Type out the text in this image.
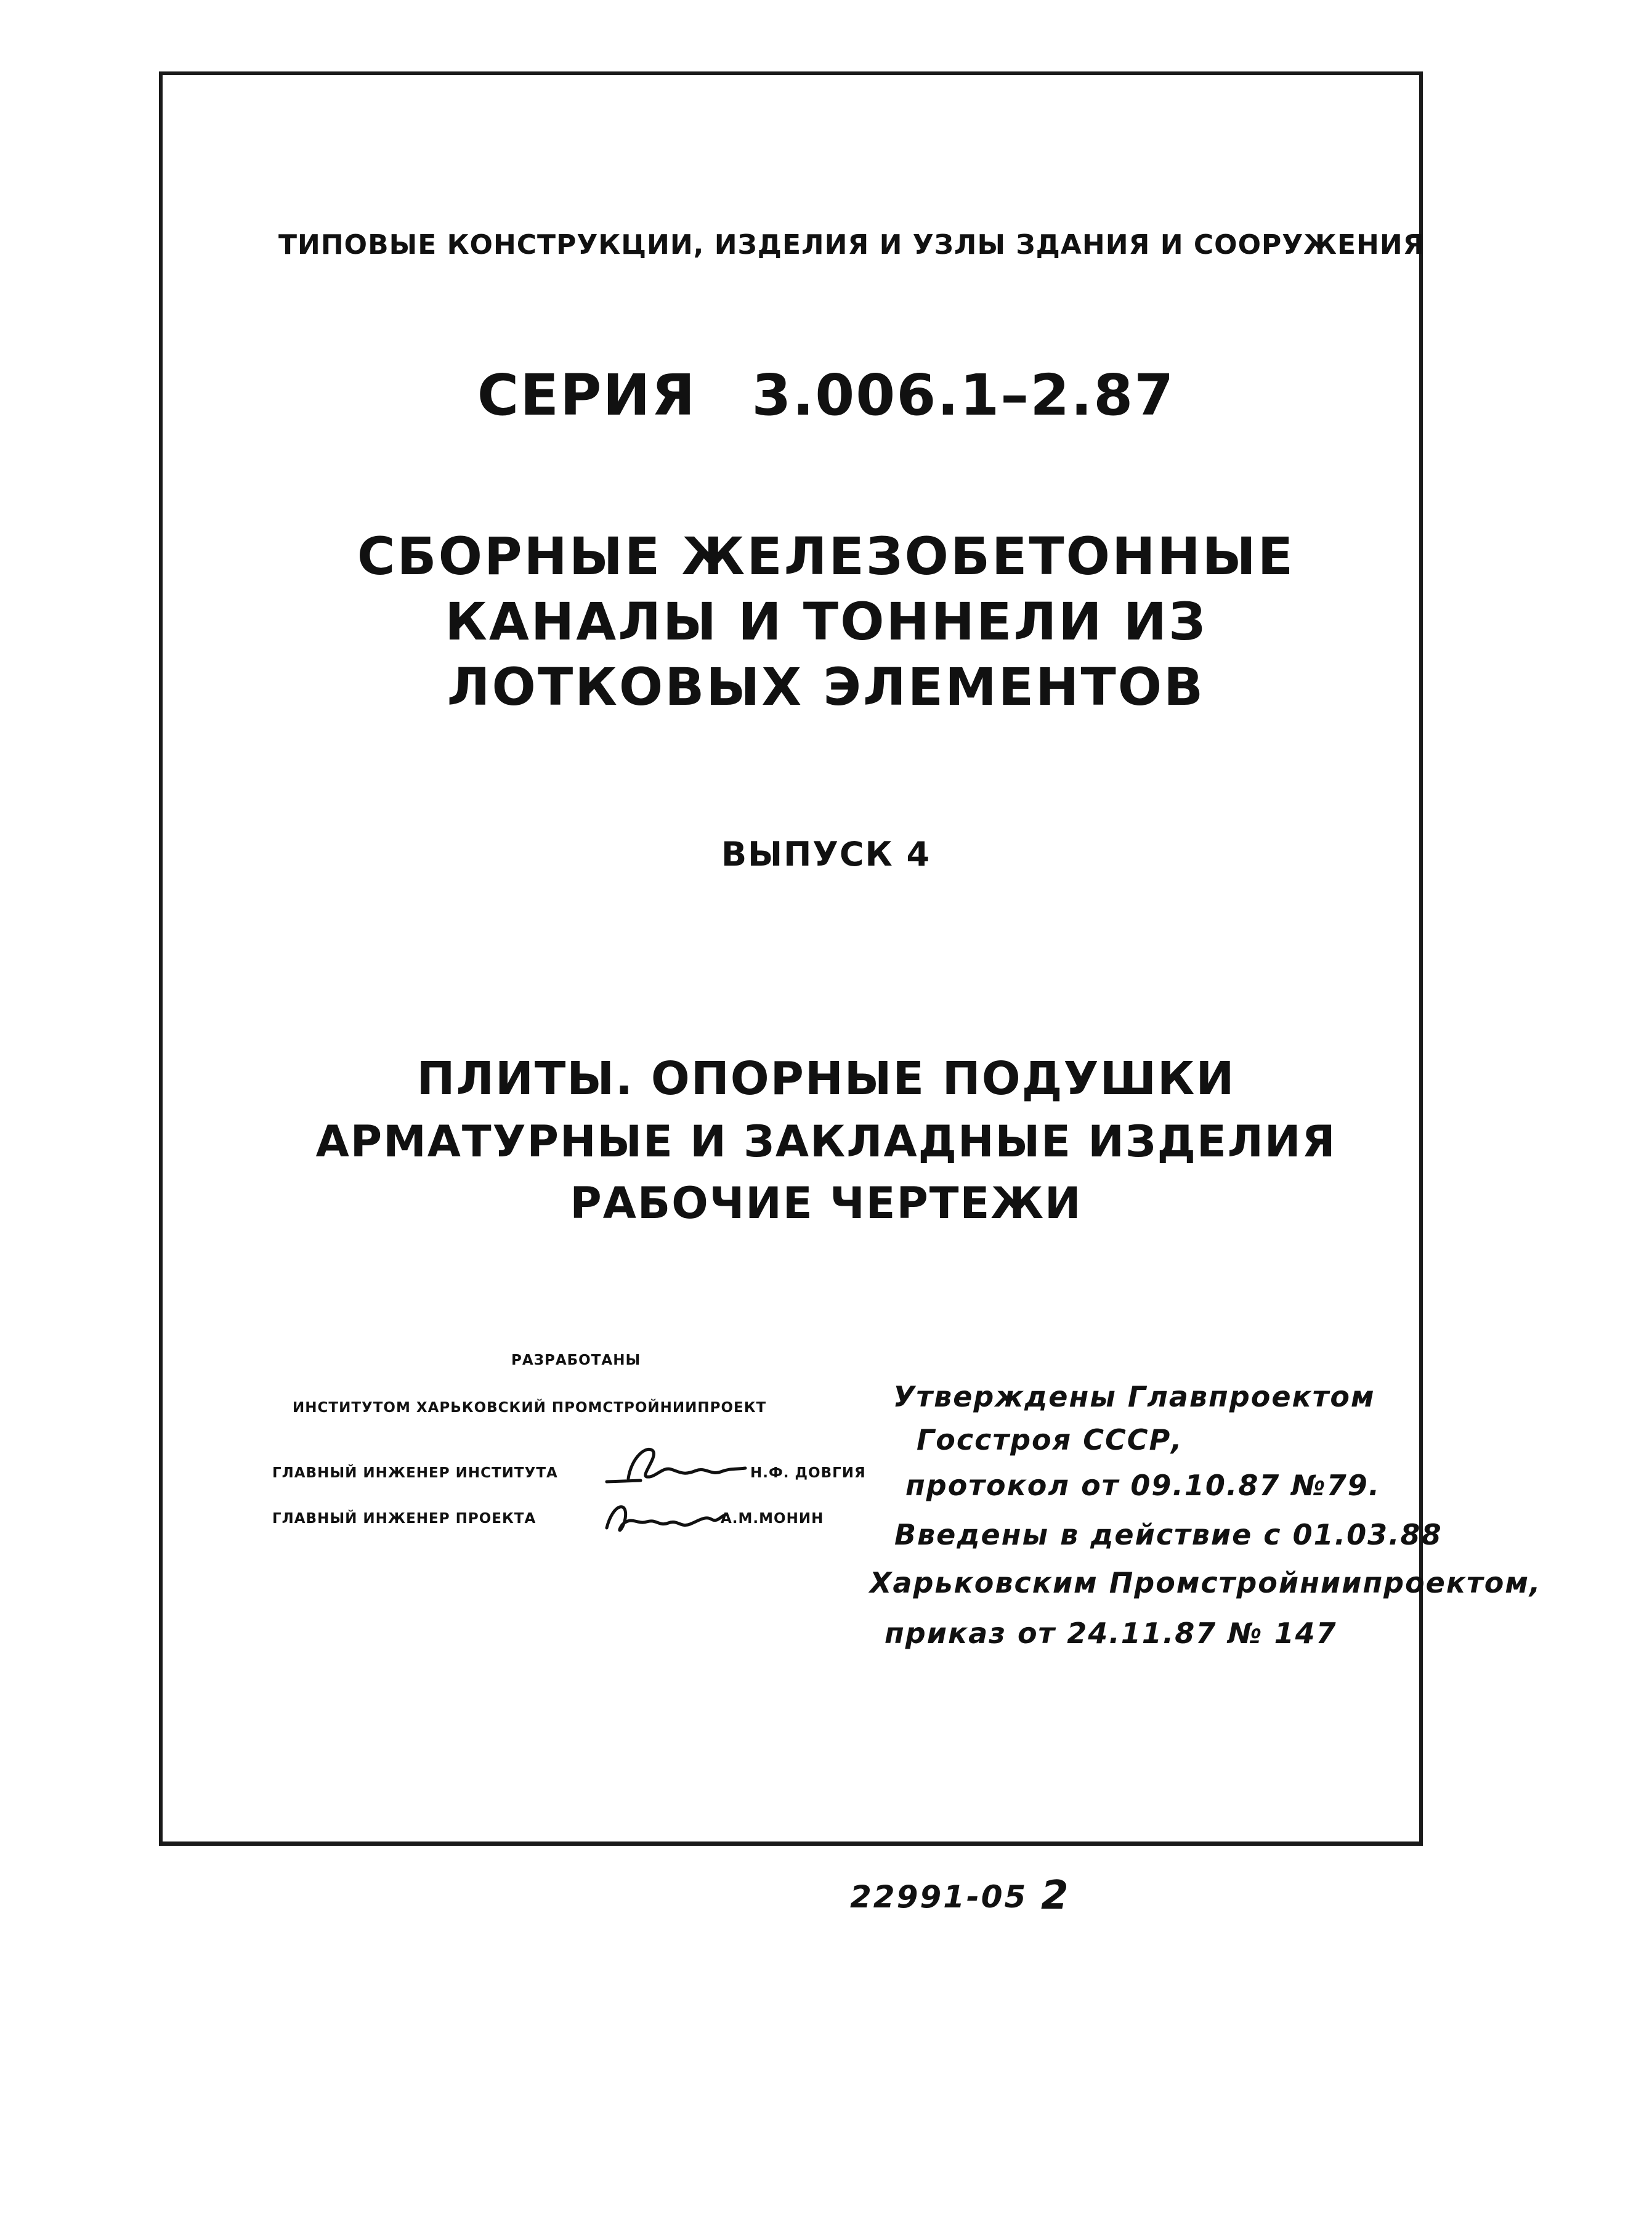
ТИПОВЫЕ КОНСТРУКЦИИ, ИЗДЕЛИЯ И УЗЛЫ ЗДАНИЯ И СООРУЖЕНИЯ
СЕРИЯ 3.006.1–2.87
СБОРНЫЕ ЖЕЛЕЗОБЕТОННЫЕ
КАНАЛЫ И ТОННЕЛИ ИЗ
ЛОТКОВЫХ ЭЛЕМЕНТОВ
ВЫПУСК 4
ПЛИТЫ. ОПОРНЫЕ ПОДУШКИ
АРМАТУРНЫЕ И ЗАКЛАДНЫЕ ИЗДЕЛИЯ
РАБОЧИЕ ЧЕРТЕЖИ
РАЗРАБОТАНЫ
ИНСТИТУТОМ ХАРЬКОВСКИЙ ПРОМСТРОЙНИИПРОЕКТ
ГЛАВНЫЙ ИНЖЕНЕР ИНСТИТУТА	Н.Ф. ДОВГИЯ
ГЛАВНЫЙ ИНЖЕНЕР ПРОЕКТА	А.М.МОНИН
Утверждены Главпроектом
Госстроя СССР,
протокол от 09.10.87 №79.
Введены в действие с 01.03.88
Харьковским Промстройниипроектом,
приказ от 24.11.87 № 147
22991-05 2
